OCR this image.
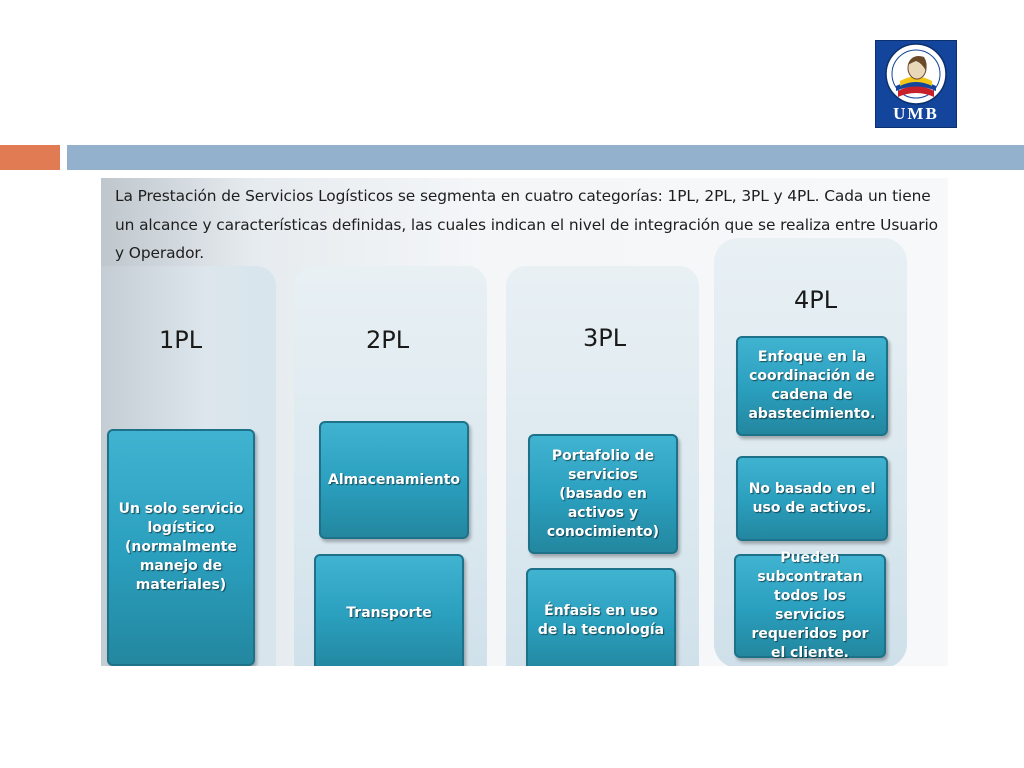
UMB

La Prestación de Servicios Logísticos se segmenta en cuatro categorías: 1PL, 2PL, 3PL y 4PL. Cada un tiene un alcance y características definidas, las cuales indican el nivel de integración que se realiza entre Usuario y Operador.

1PL
Un solo servicio logístico (normalmente manejo de materiales)
2PL
Almacenamiento
Transporte
3PL
Portafolio de servicios (basado en activos y conocimiento)
Énfasis en uso de la tecnología
4PL
Enfoque en la coordinación de cadena de abastecimiento.
No basado en el uso de activos.
Pueden subcontratan todos los servicios requeridos por el cliente.
